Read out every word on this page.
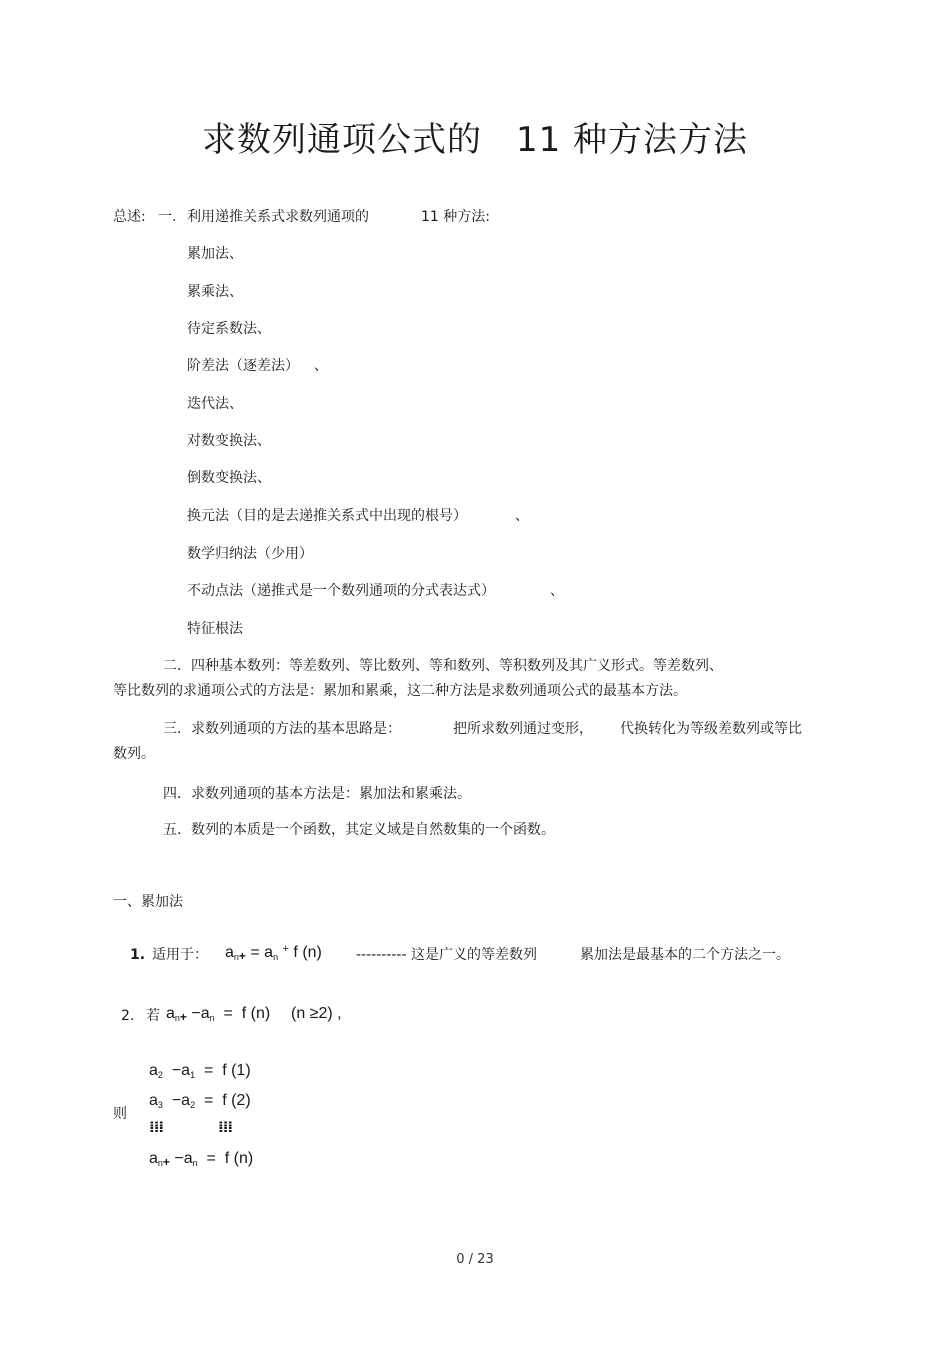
求数列通项公式的 11 种方法方法
总述: 一. 利用递推关系式求数列通项的	11 种方法:
累加法、
累乘法、
待定系数法、
阶差法（逐差法） 、
迭代法、
对数变换法、
倒数变换法、
换元法（目的是去递推关系式中出现的根号）	、
数学归纳法（少用）
不动点法（递推式是一个数列通项的分式表达式）	、
特征根法
二．四种基本数列：等差数列、等比数列、等和数列、等积数列及其广义形式。等差数列、
等比数列的求通项公式的方法是：累加和累乘，这二种方法是求数列通项公式的最基本方法。
三．求数列通项的方法的基本思路是：	把所求数列通过变形， 代换转化为等级差数列或等比
数列。
四．求数列通项的基本方法是：累加法和累乘法。
五．数列的本质是一个函数，其定义域是自然数集的一个函数。
一、累加法
1. 适用于： $a_n+ = a_n$ + f (n) ---------- 这是广义的等差数列	累加法是最基本的二个方法之一。
2. 若 $a_n+ -a_n = f$ (n) (n ≥2) ,
则
$a_2 -a_1 = f$ (1)
$a_3 -a_2 = f$ (2)
⁞⁞⁞	⁞⁞⁞
$a_n+ -a_n = f$ (n)
0 / 23
